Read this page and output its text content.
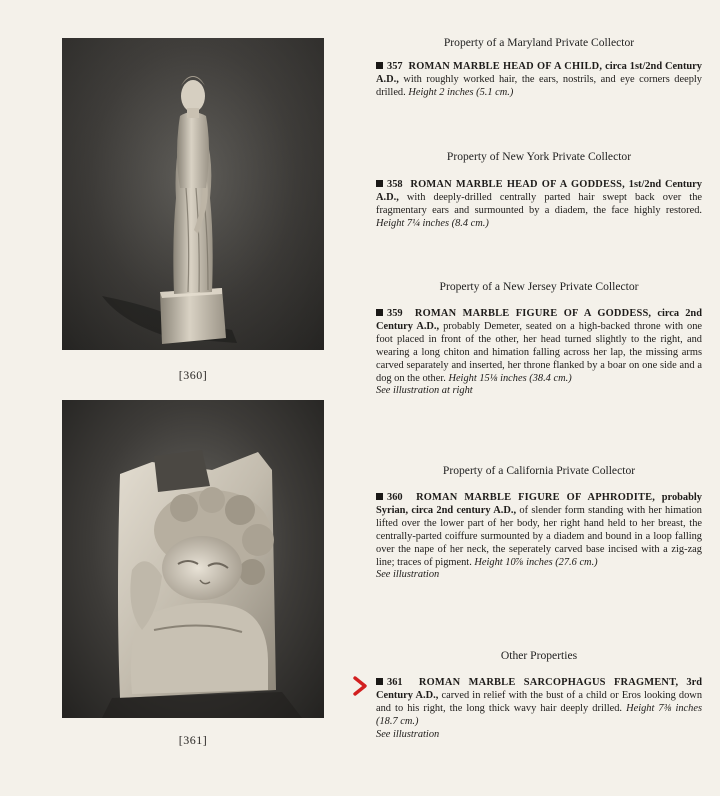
[360]
[361]
Property of a Maryland Private Collector
357 ROMAN MARBLE HEAD OF A CHILD, circa 1st/2nd Century A.D., with roughly worked hair, the ears, nostrils, and eye corners deeply drilled. Height 2 inches (5.1 cm.)
Property of New York Private Collector
358 ROMAN MARBLE HEAD OF A GODDESS, 1st/2nd Century A.D., with deeply-drilled centrally parted hair swept back over the fragmentary ears and surmounted by a diadem, the face highly restored. Height 7¼ inches (8.4 cm.)
Property of a New Jersey Private Collector
359 ROMAN MARBLE FIGURE OF A GODDESS, circa 2nd Century A.D., probably Demeter, seated on a high-backed throne with one foot placed in front of the other, her head turned slightly to the right, and wearing a long chiton and himation falling across her lap, the missing arms carved separately and inserted, her throne flanked by a boar on one side and a dog on the other. Height 15⅛ inches (38.4 cm.)
See illustration at right
Property of a California Private Collector
360 ROMAN MARBLE FIGURE OF APHRODITE, probably Syrian, circa 2nd century A.D., of slender form standing with her himation lifted over the lower part of her body, her right hand held to her breast, the centrally-parted coiffure surmounted by a diadem and bound in a loop falling over the nape of her neck, the seperately carved base incised with a zig-zag line; traces of pigment. Height 10⅞ inches (27.6 cm.)
See illustration
Other Properties
361 ROMAN MARBLE SARCOPHAGUS FRAGMENT, 3rd Century A.D., carved in relief with the bust of a child or Eros looking down and to his right, the long thick wavy hair deeply drilled. Height 7⅜ inches (18.7 cm.)
See illustration
